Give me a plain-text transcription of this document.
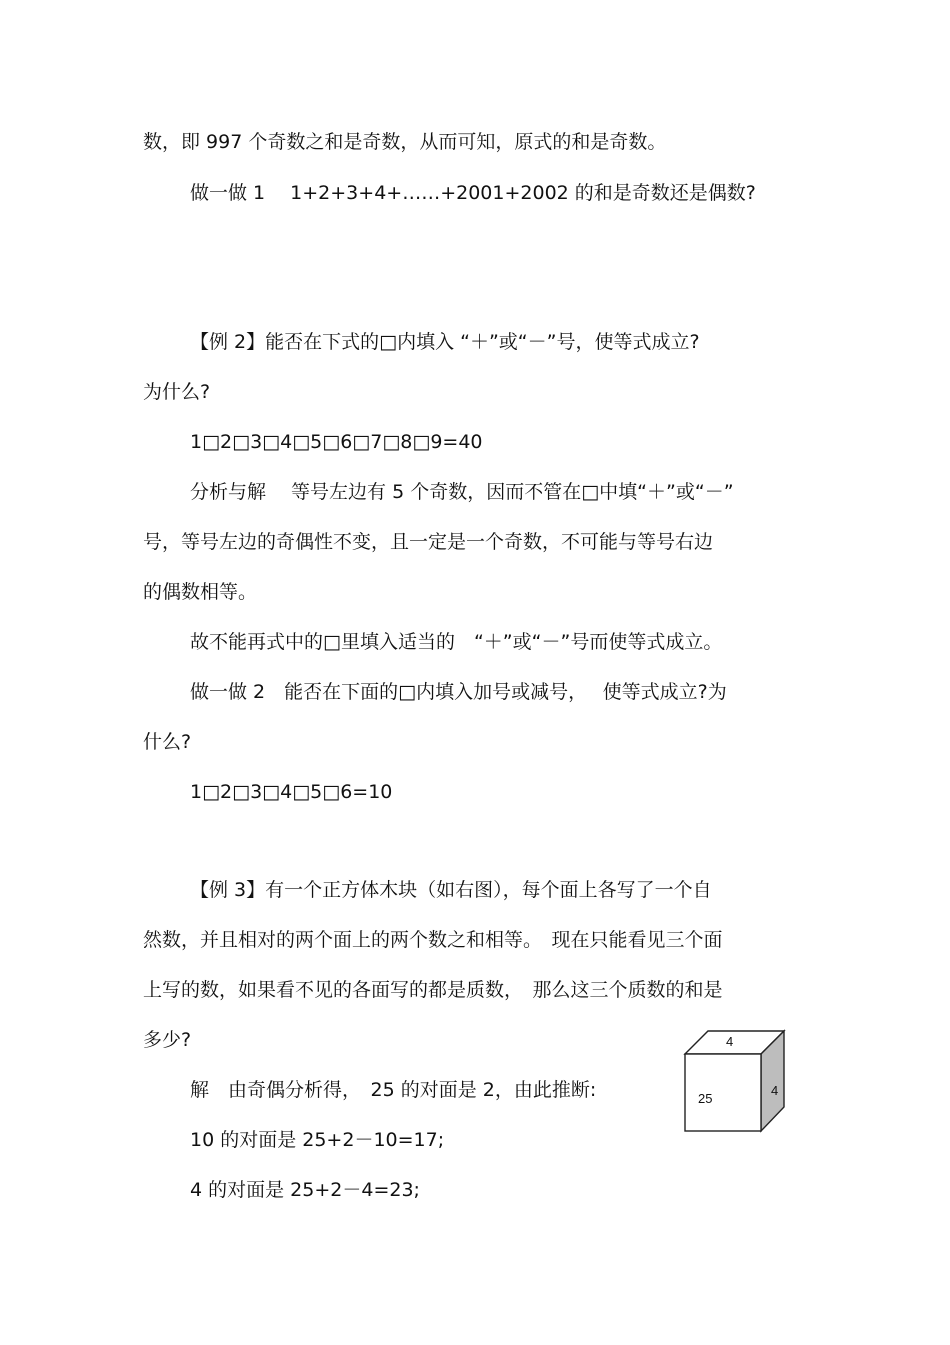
数，即 997 个奇数之和是奇数，从而可知，原式的和是奇数。
做一做 1　 1+2+3+4+……+2001+2002 的和是奇数还是偶数?
【例 2】能否在下式的□内填入 “＋”或“－”号，使等式成立?
为什么?
1□2□3□4□5□6□7□8□9=40
分析与解　 等号左边有 5 个奇数，因而不管在□中填“＋”或“－”
号，等号左边的奇偶性不变，且一定是一个奇数，不可能与等号右边
的偶数相等。
故不能再式中的□里填入适当的　“＋”或“－”号而使等式成立。
做一做 2　能否在下面的□内填入加号或减号，　 使等式成立?为
什么?
1□2□3□4□5□6=10
【例 3】有一个正方体木块（如右图），每个面上各写了一个自
然数，并且相对的两个面上的两个数之和相等。　现在只能看见三个面
上写的数，如果看不见的各面写的都是质数，　那么这三个质数的和是
多少?
解　由奇偶分析得，　25 的对面是 2，由此推断:
10 的对面是 25+2－10=17;
4 的对面是 25+2－4=23;
4
25
4
